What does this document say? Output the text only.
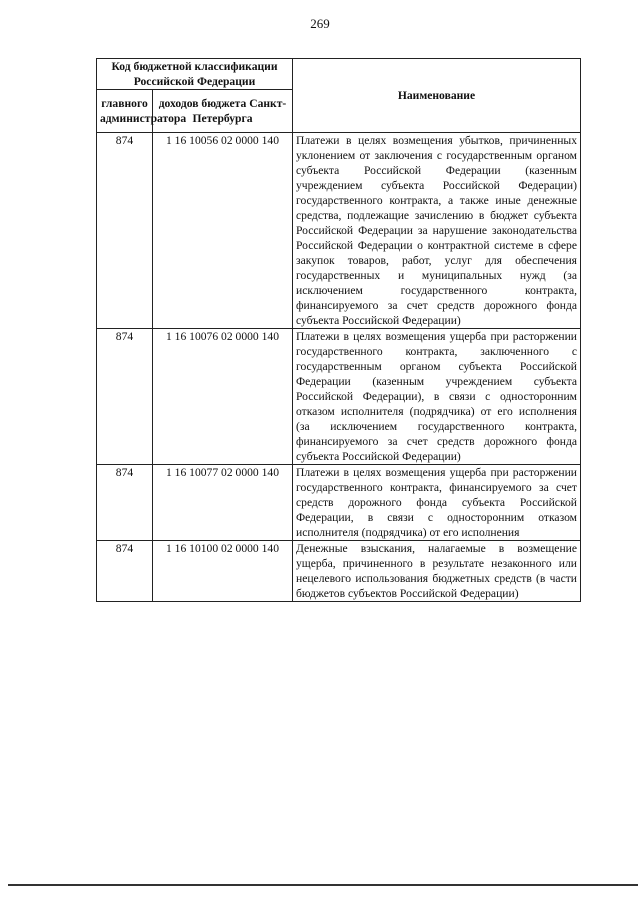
269
Код бюджетной классификации Российской Федерации		Наименование
главного администратора	доходов бюджета Санкт-Петербурга	
874	1 16 10056 02 0000 140	Платежи в целях возмещения убытков, причиненных уклонением от заключения с государственным органом субъекта Российской Федерации (казенным учреждением субъекта Российской Федерации) государственного контракта, а также иные денежные средства, подлежащие зачислению в бюджет субъекта Российской Федерации за нарушение законодательства Российской Федерации о контрактной системе в сфере закупок товаров, работ, услуг для обеспечения государственных и муниципальных нужд (за исключением государственного контракта, финансируемого за счет средств дорожного фонда субъекта Российской Федерации)
874	1 16 10076 02 0000 140	Платежи в целях возмещения ущерба при расторжении государственного контракта, заключенного с государственным органом субъекта Российской Федерации (казенным учреждением субъекта Российской Федерации), в связи с односторонним отказом исполнителя (подрядчика) от его исполнения (за исключением государственного контракта, финансируемого за счет средств дорожного фонда субъекта Российской Федерации)
874	1 16 10077 02 0000 140	Платежи в целях возмещения ущерба при расторжении государственного контракта, финансируемого за счет средств дорожного фонда субъекта Российской Федерации, в связи с односторонним отказом исполнителя (подрядчика) от его исполнения
874	1 16 10100 02 0000 140	Денежные взыскания, налагаемые в возмещение ущерба, причиненного в результате незаконного или нецелевого использования бюджетных средств (в части бюджетов субъектов Российской Федерации)
